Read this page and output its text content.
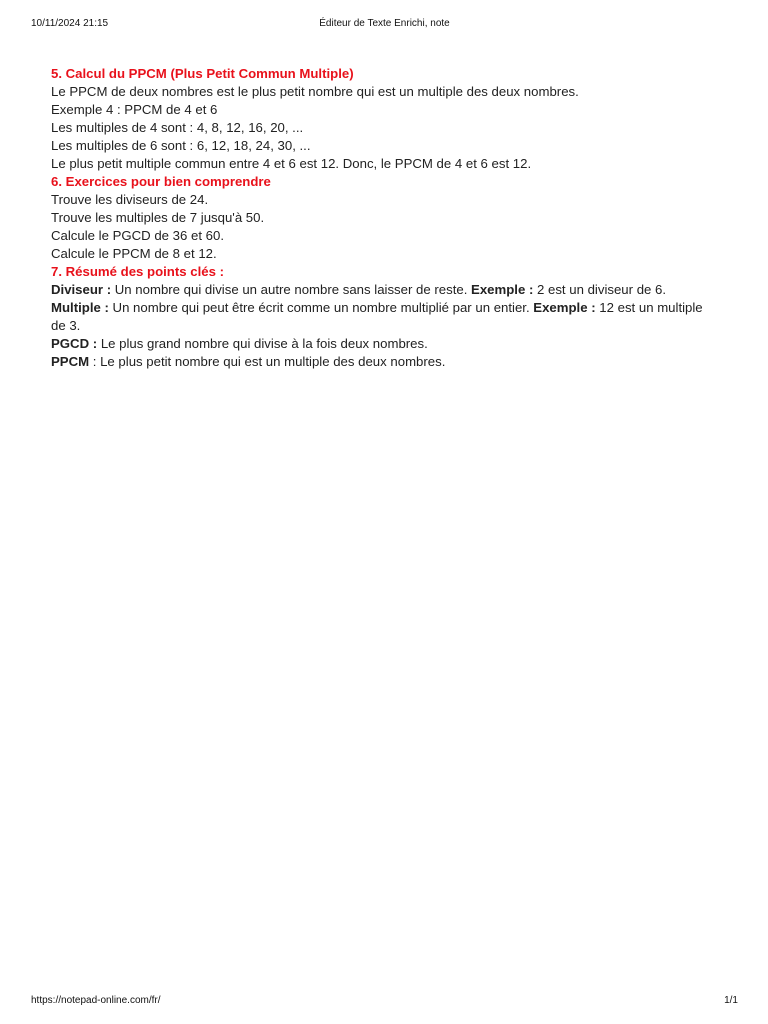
10/11/2024 21:15	Éditeur de Texte Enrichi, note

5. Calcul du PPCM (Plus Petit Commun Multiple)

Le PPCM de deux nombres est le plus petit nombre qui est un multiple des deux nombres.

Exemple 4 : PPCM de 4 et 6

Les multiples de 4 sont : 4, 8, 12, 16, 20, ...

Les multiples de 6 sont : 6, 12, 18, 24, 30, ...

Le plus petit multiple commun entre 4 et 6 est 12. Donc, le PPCM de 4 et 6 est 12.

6. Exercices pour bien comprendre

Trouve les diviseurs de 24.

Trouve les multiples de 7 jusqu'à 50.

Calcule le PGCD de 36 et 60.

Calcule le PPCM de 8 et 12.

7. Résumé des points clés :

Diviseur : Un nombre qui divise un autre nombre sans laisser de reste. Exemple : 2 est un diviseur de 6.

Multiple : Un nombre qui peut être écrit comme un nombre multiplié par un entier. Exemple : 12 est un multiple de 3.

PGCD : Le plus grand nombre qui divise à la fois deux nombres.

PPCM : Le plus petit nombre qui est un multiple des deux nombres.

https://notepad-online.com/fr/	1/1
